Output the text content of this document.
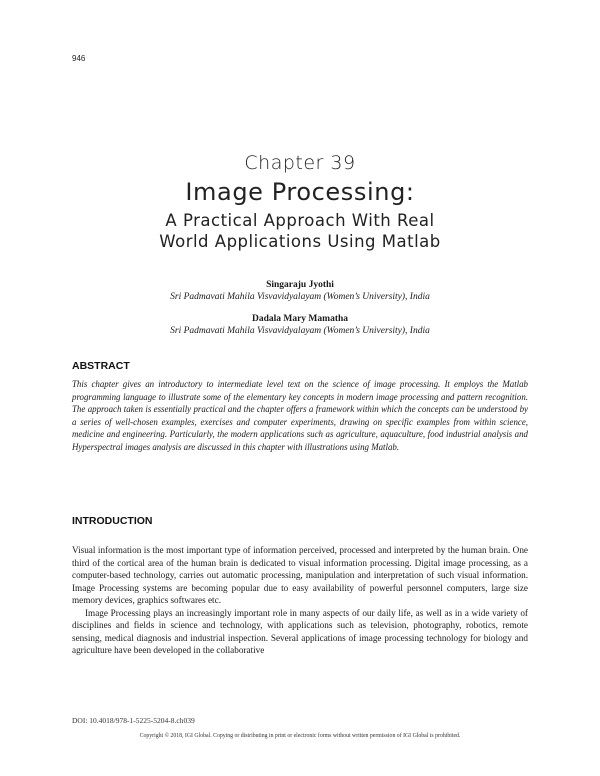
946
Chapter 39
Image Processing:
A Practical Approach With Real
World Applications Using Matlab
Singaraju Jyothi
Sri Padmavati Mahila Visvavidyalayam (Women’s University), India
Dadala Mary Mamatha
Sri Padmavati Mahila Visvavidyalayam (Women’s University), India
ABSTRACT
This chapter gives an introductory to intermediate level text on the science of image processing. It employs the Matlab programming language to illustrate some of the elementary key concepts in modern image processing and pattern recognition. The approach taken is essentially practical and the chapter offers a framework within which the concepts can be understood by a series of well-chosen examples, exercises and computer experiments, drawing on specific examples from within science, medicine and engineering. Particularly, the modern applications such as agriculture, aquaculture, food industrial analysis and Hyperspectral images analysis are discussed in this chapter with illustrations using Matlab.
INTRODUCTION

Visual information is the most important type of information perceived, processed and interpreted by the human brain. One third of the cortical area of the human brain is dedicated to visual information processing. Digital image processing, as a computer-based technology, carries out automatic processing, manipulation and interpretation of such visual information. Image Processing systems are becoming popular due to easy availability of powerful personnel computers, large size memory devices, graphics softwares etc.

Image Processing plays an increasingly important role in many aspects of our daily life, as well as in a wide variety of disciplines and fields in science and technology, with applications such as television, photography, robotics, remote sensing, medical diagnosis and industrial inspection. Several applications of image processing technology for biology and agriculture have been developed in the collaborative

DOI: 10.4018/978-1-5225-5204-8.ch039
Copyright © 2018, IGI Global. Copying or distributing in print or electronic forms without written permission of IGI Global is prohibited.
